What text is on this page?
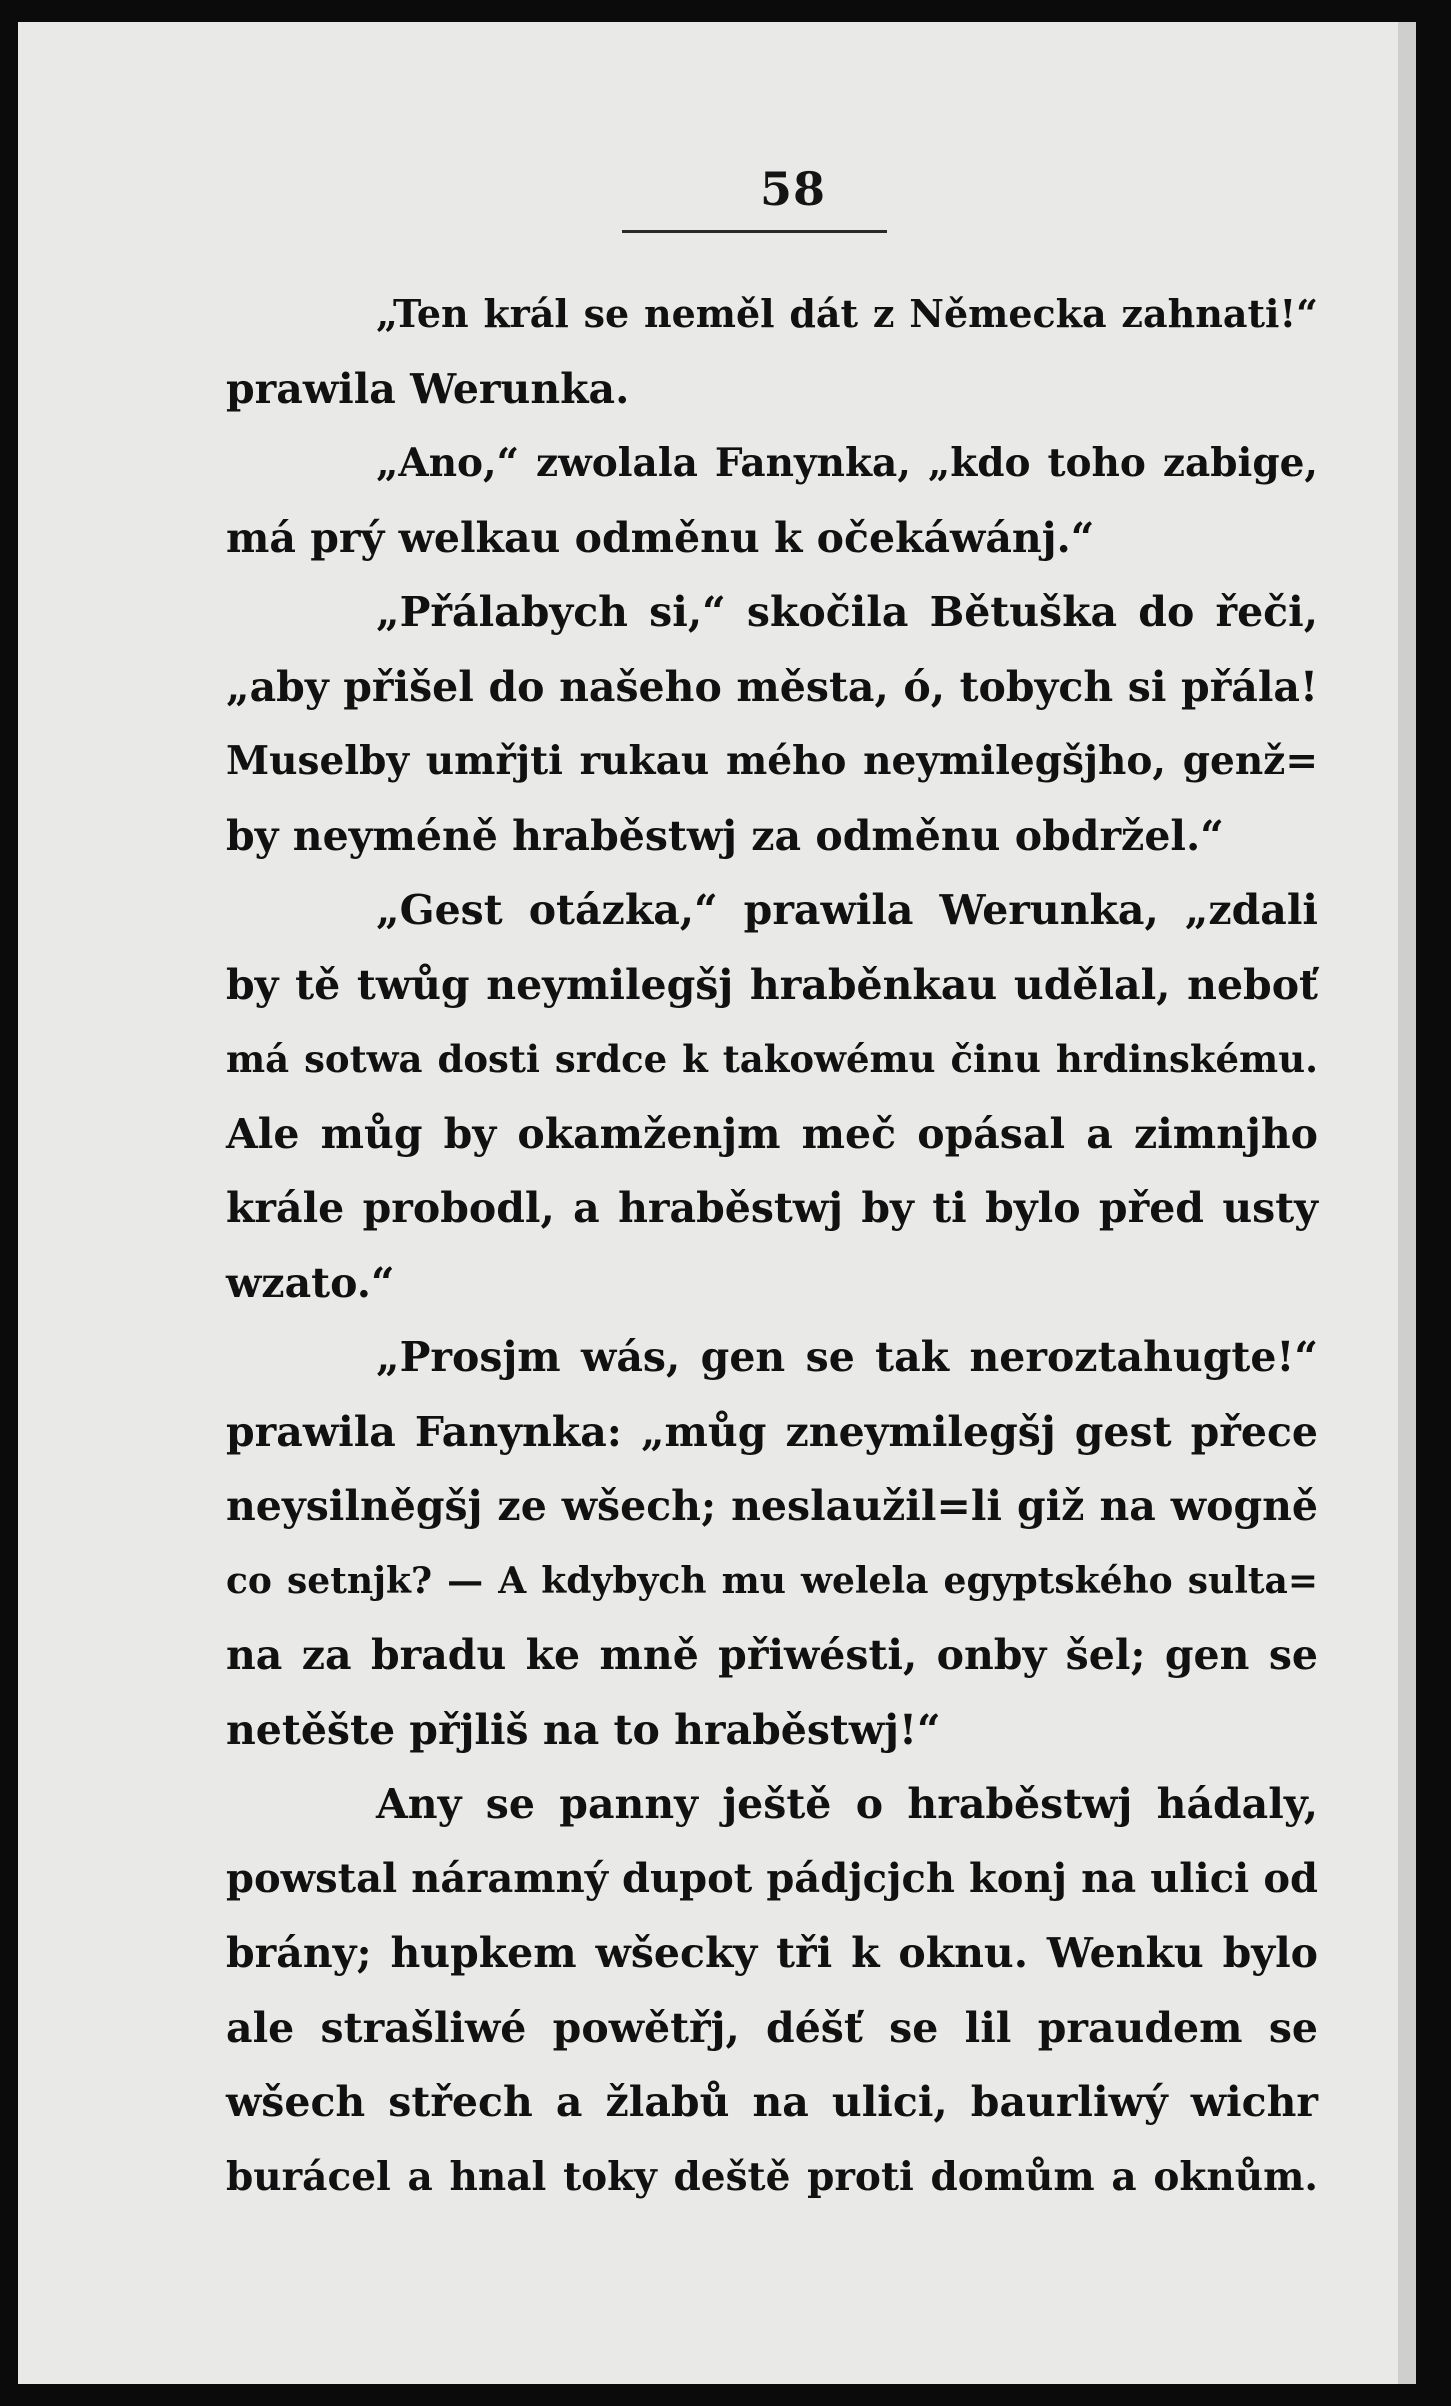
58
„Ten král se neměl dát z Německa zahnati!“
prawila Werunka.
„Ano,“ zwolala Fanynka, „kdo toho zabige,
má prý welkau odměnu k očekáwánj.“
„Přálabych si,“ skočila Bětuška do řeči,
„aby přišel do našeho města, ó, tobych si přála!
Muselby umřjti rukau mého neymilegšjho, genž=
by neyméně hraběstwj za odměnu obdržel.“
„Gest otázka,“ prawila Werunka, „zdali
by tě twůg neymilegšj hraběnkau udělal, neboť
má sotwa dosti srdce k takowému činu hrdinskému.
Ale můg by okamženjm meč opásal a zimnjho
krále probodl, a hraběstwj by ti bylo před usty
wzato.“
„Prosjm wás, gen se tak neroztahugte!“
prawila Fanynka: „můg zneymilegšj gest přece
neysilněgšj ze wšech; neslaužil=li giž na wogně
co setnjk? — A kdybych mu welela egyptského sulta=
na za bradu ke mně přiwésti, onby šel; gen se
netěšte přjliš na to hraběstwj!“
Any se panny ještě o hraběstwj hádaly,
powstal náramný dupot pádjcjch konj na ulici od
brány; hupkem wšecky tři k oknu. Wenku bylo
ale strašliwé powětřj, déšť se lil praudem se
wšech střech a žlabů na ulici, baurliwý wichr
burácel a hnal toky deště proti domům a oknům.
